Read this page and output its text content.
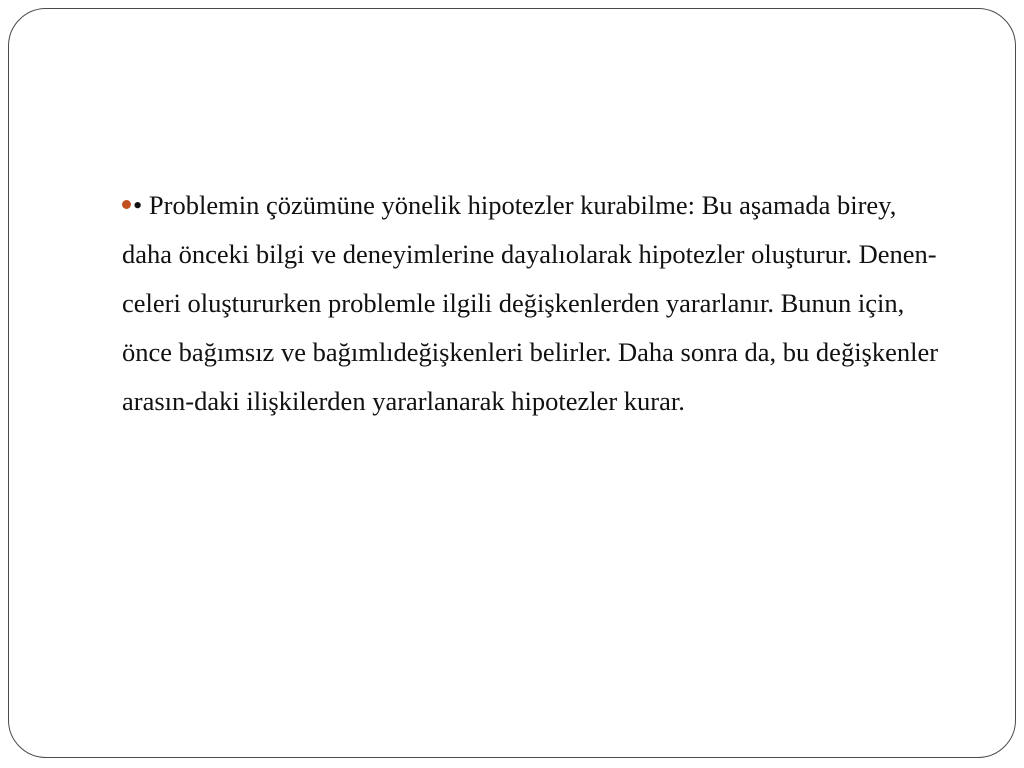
• Problemin çözümüne yönelik hipotezler kurabilme: Bu aşamada birey, daha önceki bilgi ve deneyimlerine dayalıolarak hipotezler oluşturur. Denen-celeri oluştururken problemle ilgili değişkenlerden yararlanır. Bunun için, önce bağımsız ve bağımlıdeğişkenleri belirler. Daha sonra da, bu değişkenler arasın-daki ilişkilerden yararlanarak hipotezler kurar.
